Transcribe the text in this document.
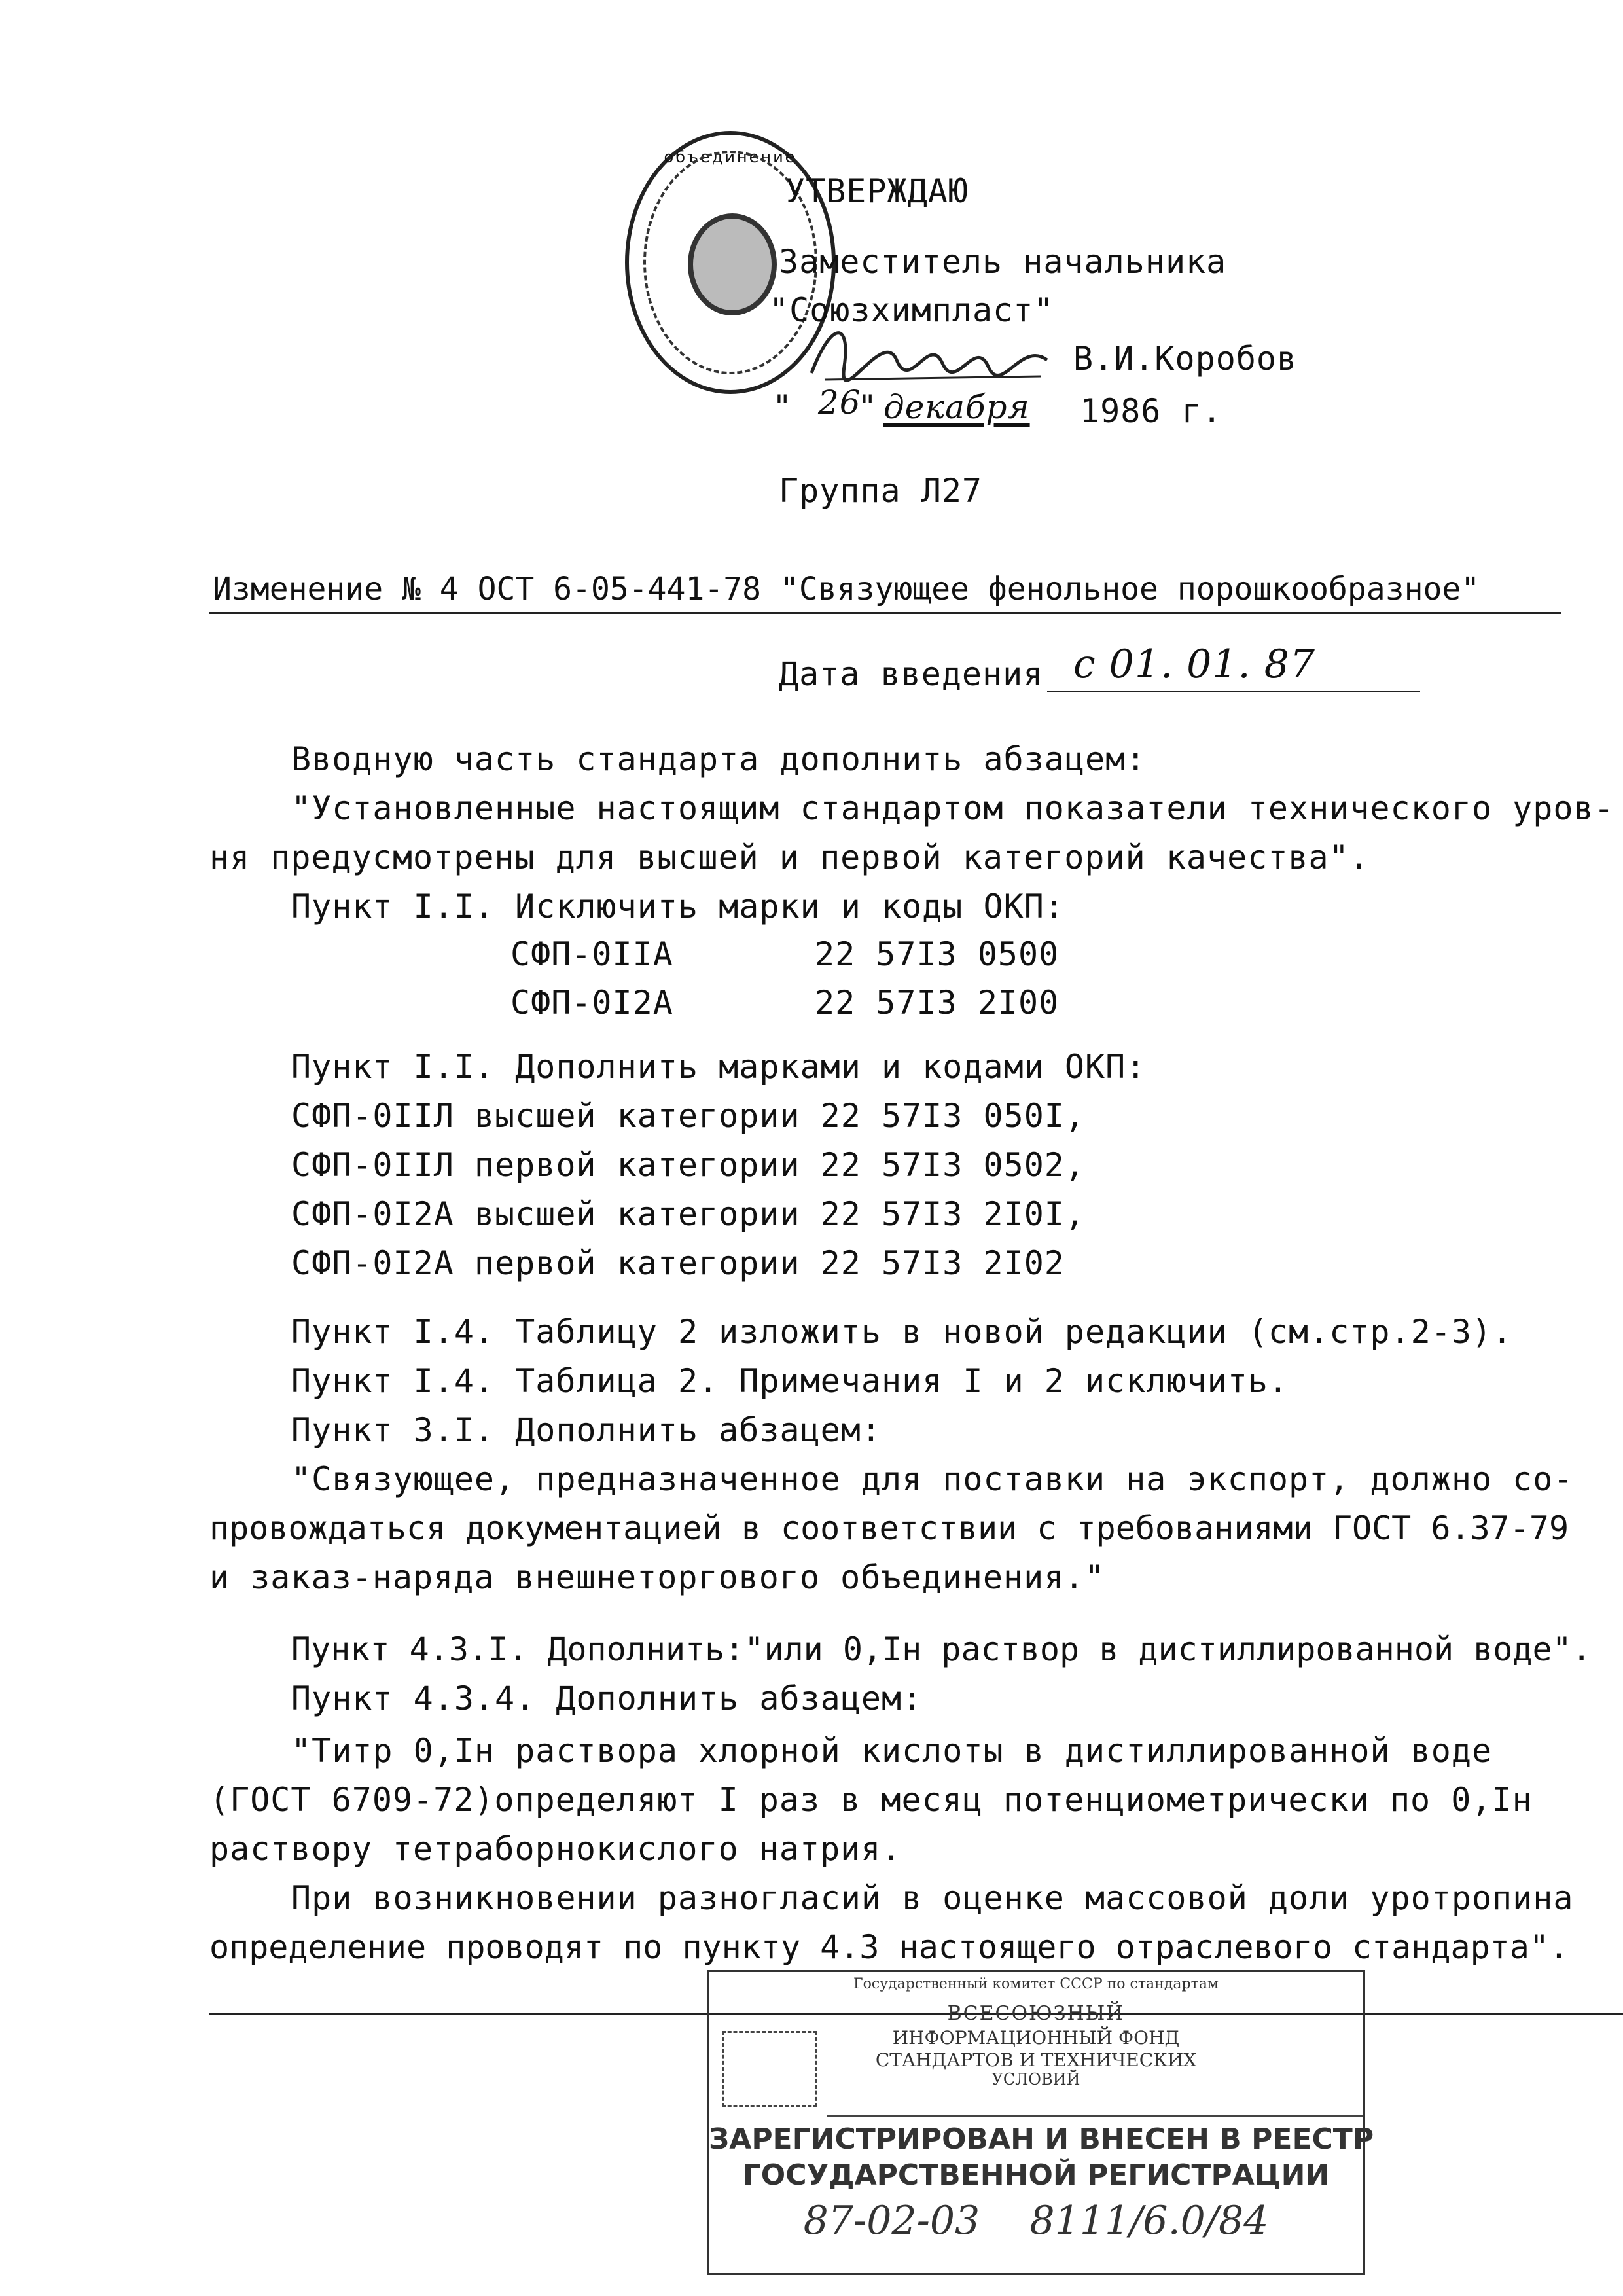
объединение
УТВЕРЖДАЮ
Заместитель начальника
"Союзхимпласт"
В.И.Коробов
" 26
" декабря 1986 г.
Группа Л27
Изменение № 4 ОСТ 6-05-441-78 "Связующее фенольное порошкообразное"
Дата введения с 01. 01. 87
Вводную часть стандарта дополнить абзацем:
"Установленные настоящим стандартом показатели технического уров-
ня предусмотрены для высшей и первой категорий качества".
Пункт I.I. Исключить марки и коды ОКП:
СФП-0IIА	22 57I3 0500
СФП-0I2А	22 57I3 2I00
Пункт I.I. Дополнить марками и кодами ОКП:
СФП-0IIЛ высшей категории 22 57I3 050I,
СФП-0IIЛ первой категории 22 57I3 0502,
СФП-0I2А высшей категории 22 57I3 2I0I,
СФП-0I2А первой категории 22 57I3 2I02
Пункт I.4. Таблицу 2 изложить в новой редакции (см.стр.2-3).
Пункт I.4. Таблица 2. Примечания I и 2 исключить.
Пункт 3.I. Дополнить абзацем:
"Связующее, предназначенное для поставки на экспорт, должно со-
провождаться документацией в соответствии с требованиями ГОСТ 6.37-79
и заказ-наряда внешнеторгового объединения."
Пункт 4.3.I. Дополнить:"или 0,Iн раствор в дистиллированной воде".
Пункт 4.3.4. Дополнить абзацем:
"Титр 0,Iн раствора хлорной кислоты в дистиллированной воде
(ГОСТ 6709-72)определяют I раз в месяц потенциометрически по 0,Iн
раствору тетраборнокислого натрия.
При возникновении разногласий в оценке массовой доли уротропина
определение проводят по пункту 4.3 настоящего отраслевого стандарта".
Государственный комитет СССР по стандартам
ВСЕСОЮЗНЫЙ
ИНФОРМАЦИОННЫЙ ФОНД
СТАНДАРТОВ И ТЕХНИЧЕСКИХ
УСЛОВИЙ
ЗАРЕГИСТРИРОВАН И ВНЕСЕН В РЕЕСТР
ГОСУДАРСТВЕННОЙ РЕГИСТРАЦИИ
87-02-03    8111/6.0/84
